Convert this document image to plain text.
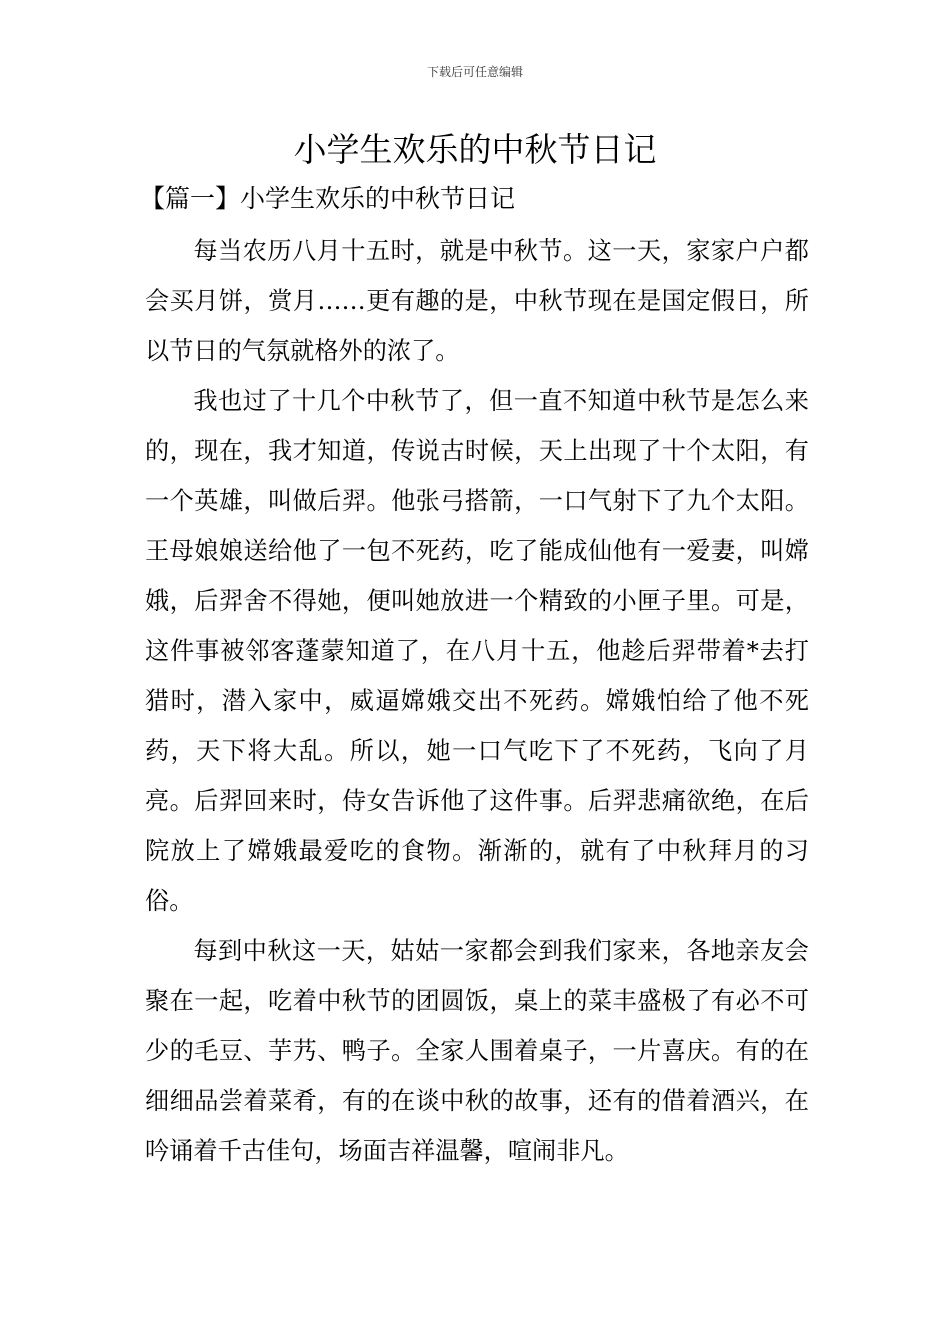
下载后可任意编辑
小学生欢乐的中秋节日记
【篇一】小学生欢乐的中秋节日记

每当农历八月十五时，就是中秋节。这一天，家家户户都会买月饼，赏月……更有趣的是，中秋节现在是国定假日，所以节日的气氛就格外的浓了。

我也过了十几个中秋节了，但一直不知道中秋节是怎么来的，现在，我才知道，传说古时候，天上出现了十个太阳，有一个英雄，叫做后羿。他张弓搭箭，一口气射下了九个太阳。王母娘娘送给他了一包不死药，吃了能成仙他有一爱妻，叫嫦娥，后羿舍不得她，便叫她放进一个精致的小匣子里。可是，这件事被邻客蓬蒙知道了，在八月十五，他趁后羿带着*去打猎时，潜入家中，威逼嫦娥交出不死药。嫦娥怕给了他不死药，天下将大乱。所以，她一口气吃下了不死药，飞向了月亮。后羿回来时，侍女告诉他了这件事。后羿悲痛欲绝，在后院放上了嫦娥最爱吃的食物。渐渐的，就有了中秋拜月的习俗。

每到中秋这一天，姑姑一家都会到我们家来，各地亲友会聚在一起，吃着中秋节的团圆饭，桌上的菜丰盛极了有必不可少的毛豆、芋艿、鸭子。全家人围着桌子，一片喜庆。有的在细细品尝着菜肴，有的在谈中秋的故事，还有的借着酒兴，在吟诵着千古佳句，场面吉祥温馨，喧闹非凡。
